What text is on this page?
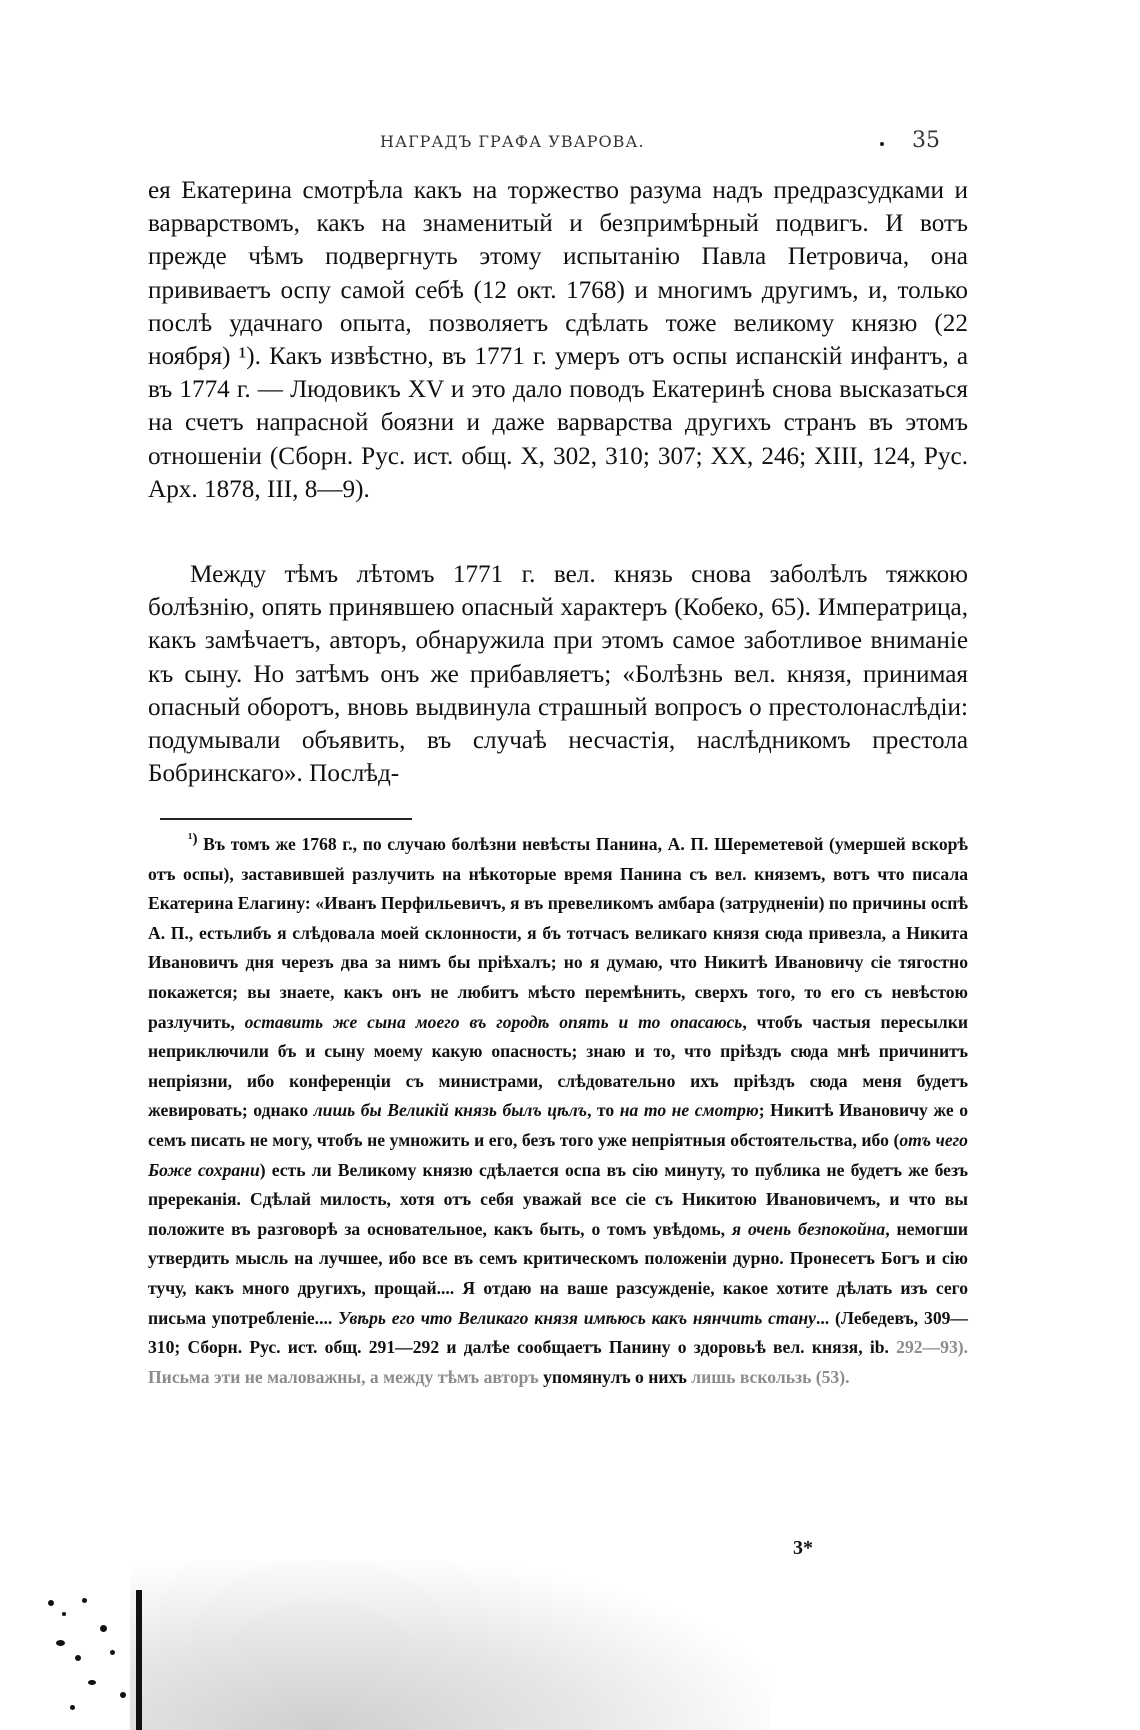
НАГРАДЪ ГРАФА УВАРОВА.	35

ея Екатерина смотрѣла какъ на торжество разума надъ предразсудками и варварствомъ, какъ на знаменитый и безпримѣрный подвигъ. И вотъ прежде чѣмъ подвергнуть этому испытанію Павла Петровича, она прививаетъ оспу самой себѣ (12 окт. 1768) и многимъ другимъ, и, только послѣ удачнаго опыта, позволяетъ сдѣлать тоже великому князю (22 ноября) ¹). Какъ извѣстно, въ 1771 г. умеръ отъ оспы испанскій инфантъ, а въ 1774 г. — Людовикъ XV и это дало поводъ Екатеринѣ снова высказаться на счетъ напрасной боязни и даже варварства другихъ странъ въ этомъ отношеніи (Сборн. Рус. ист. общ. X, 302, 310; 307; XX, 246; XIII, 124, Рус. Арх. 1878, III, 8—9).

Между тѣмъ лѣтомъ 1771 г. вел. князь снова заболѣлъ тяжкою болѣзнію, опять принявшею опасный характеръ (Кобеко, 65). Императрица, какъ замѣчаетъ, авторъ, обнаружила при этомъ самое заботливое вниманіе къ сыну. Но затѣмъ онъ же прибавляетъ; «Болѣзнь вел. князя, принимая опасный оборотъ, вновь выдвинула страшный вопросъ о престолонаслѣдіи: подумывали объявить, въ случаѣ несчастія, наслѣдникомъ престола Бобринскаго». Послѣд-

¹) Въ томъ же 1768 г., по случаю болѣзни невѣсты Панина, А. П. Шереметевой (умершей вскорѣ отъ оспы), заставившей разлучить на нѣкоторые время Панина съ вел. княземъ, вотъ что писала Екатерина Елагину: «Иванъ Перфильевичъ, я въ превеликомъ амбара (затрудненіи) по причины оспѣ А. П., естьлибъ я слѣдовала моей склонности, я бъ тотчасъ великаго князя сюда привезла, а Никита Ивановичъ дня черезъ два за нимъ бы пріѣхалъ; но я думаю, что Никитѣ Ивановичу сіе тягостно покажется; вы знаете, какъ онъ не любитъ мѣсто перемѣнить, сверхъ того, то его съ невѣстою разлучить, оставить же сына моего въ городѣ опять и то опасаюсь, чтобъ частыя пересылки неприключили бъ и сыну моему какую опасность; знаю и то, что пріѣздъ сюда мнѣ причинитъ непріязни, ибо конференціи съ министрами, слѣдовательно ихъ пріѣздъ сюда меня будетъ жевировать; однако лишь бы Великій князь былъ цѣлъ, то на то не смотрю; Никитѣ Ивановичу же о семъ писать не могу, чтобъ не умножить и его, безъ того уже непріятныя обстоятельства, ибо (отъ чего Боже сохрани) есть ли Великому князю сдѣлается оспа въ сію минуту, то публика не будетъ же безъ пререканія. Сдѣлай милость, хотя отъ себя уважай все сіе съ Никитою Ивановичемъ, и что вы положите въ разговорѣ за основательное, какъ быть, о томъ увѣдомь, я очень безпокойна, немогши утвердить мысль на лучшее, ибо все въ семъ критическомъ положеніи дурно. Пронесетъ Богъ и сію тучу, какъ много другихъ, прощай.... Я отдаю на ваше разсужденіе, какое хотите дѣлать изъ сего письма употребленіе.... Увѣрь его что Великаго князя имѣюсь какъ нянчить стану... (Лебедевъ, 309—310; Сборн. Рус. ист. общ. 291—292 и далѣе сообщаетъ Панину о здоровьѣ вел. князя, ib. 292—93). Письма эти не маловажны, а между тѣмъ авторъ упомянулъ о нихъ лишь вскользь (53).

3*
